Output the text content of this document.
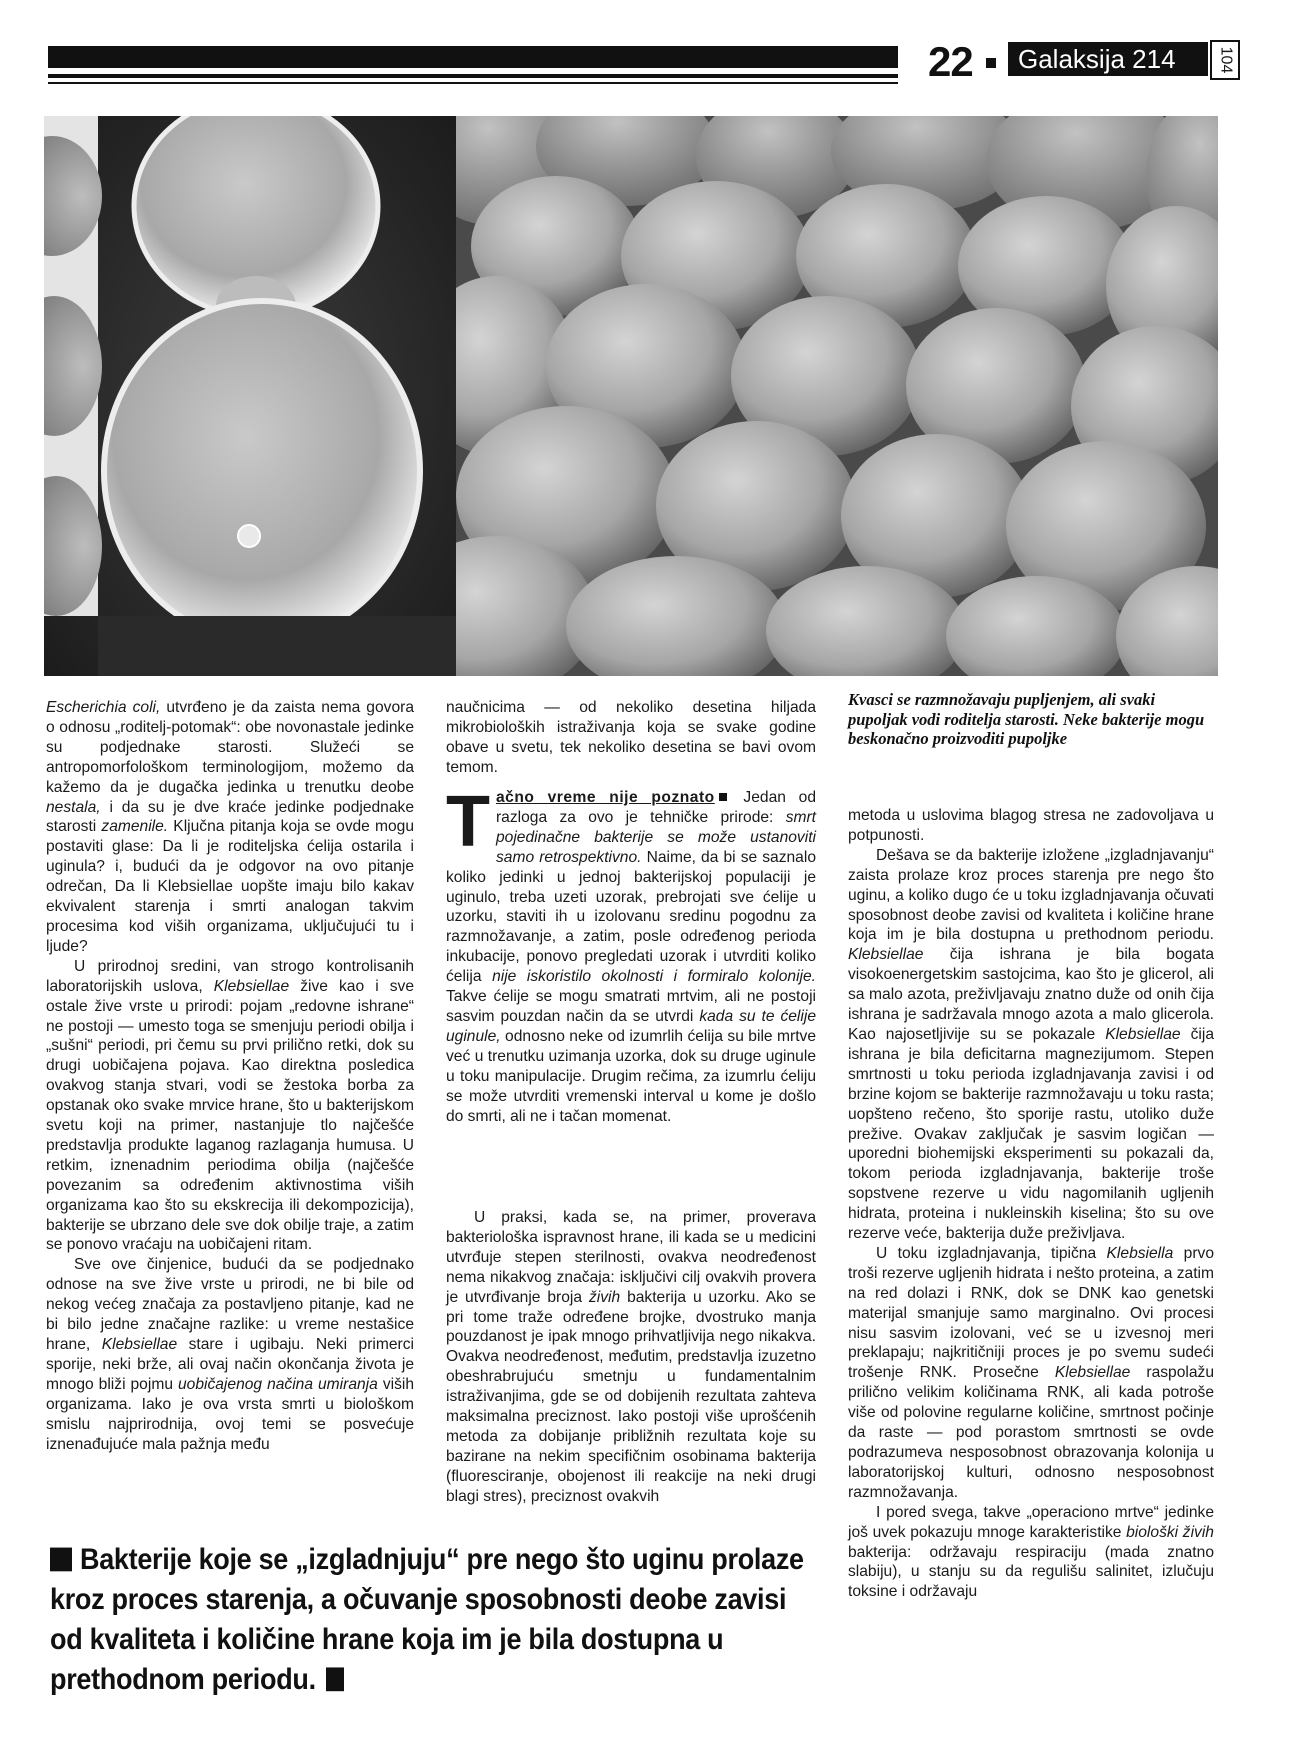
22	Galaksija 214	104
Kvasci se razmnožavaju pupljenjem, ali svaki pupoljak vodi roditelja starosti. Neke bakterije mogu beskonačno proizvoditi pupoljke

Escherichia coli, utvrđeno je da zaista nema govora o odnosu „roditelj-potomak“: obe novonastale jedinke su podjednake starosti. Služeći se antropomorfološkom terminologijom, možemo da kažemo da je dugačka jedinka u trenutku deobe nestala, i da su je dve kraće jedinke podjednake starosti zamenile. Ključna pitanja koja se ovde mogu postaviti glase: Da li je roditeljska ćelija ostarila i uginula? i, budući da je odgovor na ovo pitanje odrečan, Da li Klebsiellae uopšte imaju bilo kakav ekvivalent starenja i smrti analogan takvim procesima kod viših organizama, uključujući tu i ljude?

U prirodnoj sredini, van strogo kontrolisanih laboratorijskih uslova, Klebsiellae žive kao i sve ostale žive vrste u prirodi: pojam „redovne ishrane“ ne postoji — umesto toga se smenjuju periodi obilja i „sušni“ periodi, pri čemu su prvi prilično retki, dok su drugi uobičajena pojava. Kao direktna posledica ovakvog stanja stvari, vodi se žestoka borba za opstanak oko svake mrvice hrane, što u bakterijskom svetu koji na primer, nastanjuje tlo najčešće predstavlja produkte laganog razlaganja humusa. U retkim, iznenadnim periodima obilja (najčešće povezanim sa određenim aktivnostima viših organizama kao što su ekskrecija ili dekompozicija), bakterije se ubrzano dele sve dok obilje traje, a zatim se ponovo vraćaju na uobičajeni ritam.

Sve ove činjenice, budući da se podjednako odnose na sve žive vrste u prirodi, ne bi bile od nekog većeg značaja za postavljeno pitanje, kad ne bi bilo jedne značajne razlike: u vreme nestašice hrane, Klebsiellae stare i ugibaju. Neki primerci sporije, neki brže, ali ovaj način okončanja života je mnogo bliži pojmu uobičajenog načina umiranja viših organizama. Iako je ova vrsta smrti u biološkom smislu najprirodnija, ovoj temi se posvećuje iznenađujuće mala pažnja među

naučnicima — od nekoliko desetina hiljada mikrobioloških istraživanja koja se svake godine obave u svetu, tek nekoliko desetina se bavi ovom temom.

Tačno vreme nije poznato Jedan od razloga za ovo je tehničke prirode: smrt pojedinačne bakterije se može ustanoviti samo retrospektivno. Naime, da bi se saznalo koliko jedinki u jednoj bakterijskoj populaciji je uginulo, treba uzeti uzorak, prebrojati sve ćelije u uzorku, staviti ih u izolovanu sredinu pogodnu za razmnožavanje, a zatim, posle određenog perioda inkubacije, ponovo pregledati uzorak i utvrditi koliko ćelija nije iskoristilo okolnosti i formiralo kolonije. Takve ćelije se mogu smatrati mrtvim, ali ne postoji sasvim pouzdan način da se utvrdi kada su te ćelije uginule, odnosno neke od izumrlih ćelija su bile mrtve već u trenutku uzimanja uzorka, dok su druge uginule u toku manipulacije. Drugim rečima, za izumrlu ćeliju se može utvrditi vremenski interval u kome je došlo do smrti, ali ne i tačan momenat.

U praksi, kada se, na primer, proverava bakteriološka ispravnost hrane, ili kada se u medicini utvrđuje stepen sterilnosti, ovakva neodređenost nema nikakvog značaja: isključivi cilj ovakvih provera je utvrđivanje broja živih bakterija u uzorku. Ako se pri tome traže određene brojke, dvostruko manja pouzdanost je ipak mnogo prihvatljivija nego nikakva. Ovakva neodređenost, međutim, predstavlja izuzetno obeshrabrujuću smetnju u fundamentalnim istraživanjima, gde se od dobijenih rezultata zahteva maksimalna preciznost. Iako postoji više uprošćenih metoda za dobijanje približnih rezultata koje su bazirane na nekim specifičnim osobinama bakterija (fluoresciranje, obojenost ili reakcije na neki drugi blagi stres), preciznost ovakvih

metoda u uslovima blagog stresa ne zadovoljava u potpunosti.

Dešava se da bakterije izložene „izgladnjavanju“ zaista prolaze kroz proces starenja pre nego što uginu, a koliko dugo će u toku izgladnjavanja očuvati sposobnost deobe zavisi od kvaliteta i količine hrane koja im je bila dostupna u prethodnom periodu. Klebsiellae čija ishrana je bila bogata visokoenergetskim sastojcima, kao što je glicerol, ali sa malo azota, preživljavaju znatno duže od onih čija ishrana je sadržavala mnogo azota a malo glicerola. Kao najosetljivije su se pokazale Klebsiellae čija ishrana je bila deficitarna magnezijumom. Stepen smrtnosti u toku perioda izgladnjavanja zavisi i od brzine kojom se bakterije razmnožavaju u toku rasta; uopšteno rečeno, što sporije rastu, utoliko duže prežive. Ovakav zaključak je sasvim logičan — uporedni biohemijski eksperimenti su pokazali da, tokom perioda izgladnjavanja, bakterije troše sopstvene rezerve u vidu nagomilanih ugljenih hidrata, proteina i nukleinskih kiselina; što su ove rezerve veće, bakterija duže preživljava.

U toku izgladnjavanja, tipična Klebsiella prvo troši rezerve ugljenih hidrata i nešto proteina, a zatim na red dolazi i RNK, dok se DNK kao genetski materijal smanjuje samo marginalno. Ovi procesi nisu sasvim izolovani, već se u izvesnoj meri preklapaju; najkritičniji proces je po svemu sudeći trošenje RNK. Prosečne Klebsiellae raspolažu prilično velikim količinama RNK, ali kada potroše više od polovine regularne količine, smrtnost počinje da raste — pod porastom smrtnosti se ovde podrazumeva nesposobnost obrazovanja kolonija u laboratorijskoj kulturi, odnosno nesposobnost razmnožavanja.

I pored svega, takve „operaciono mrtve“ jedinke još uvek pokazuju mnoge karakteristike biološki živih bakterija: održavaju respiraciju (mada znatno slabiju), u stanju su da regulišu salinitet, izlučuju toksine i održavaju

Bakterije koje se „izgladnjuju“ pre nego što uginu prolaze kroz proces starenja, a očuvanje sposobnosti deobe zavisi od kvaliteta i količine hrane koja im je bila dostupna u prethodnom periodu.
